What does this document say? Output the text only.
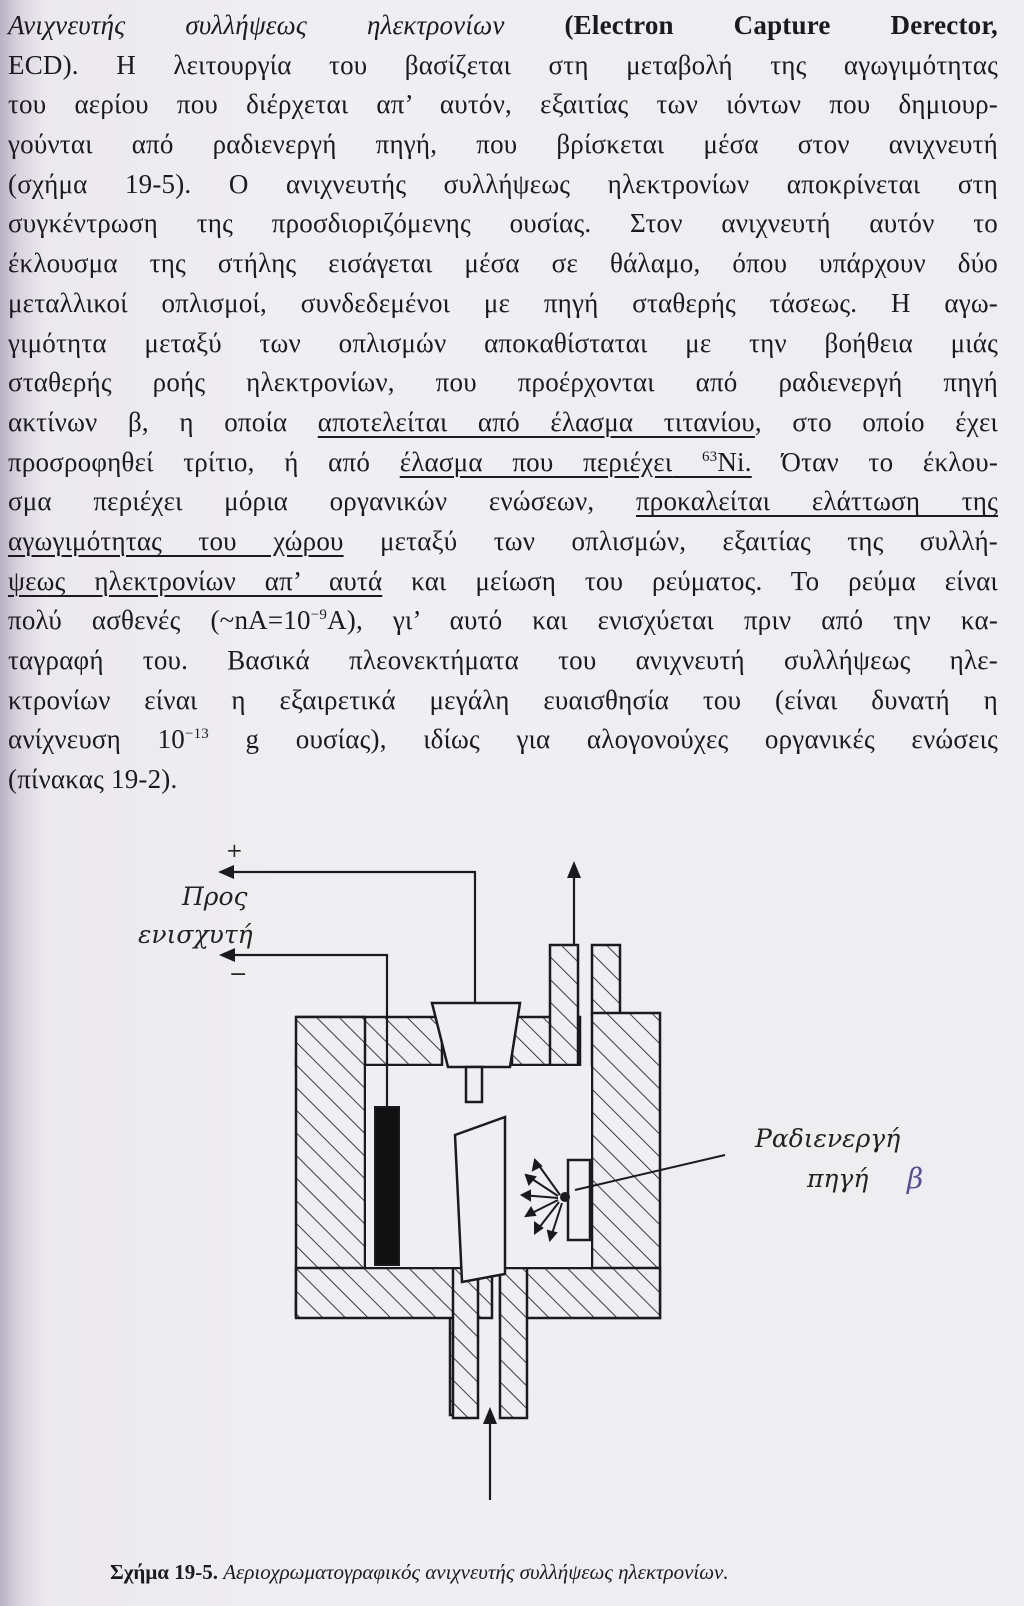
Ανιχνευτής συλλήψεως ηλεκτρονίων (Electron Capture Derector,
ECD). Η λειτουργία του βασίζεται στη μεταβολή της αγωγιμότητας
του αερίου που διέρχεται απ’ αυτόν, εξαιτίας των ιόντων που δημιουρ-
γούνται από ραδιενεργή πηγή, που βρίσκεται μέσα στον ανιχνευτή
(σχήμα 19-5). Ο ανιχνευτής συλλήψεως ηλεκτρονίων αποκρίνεται στη
συγκέντρωση της προσδιοριζόμενης ουσίας. Στον ανιχνευτή αυτόν το
έκλουσμα της στήλης εισάγεται μέσα σε θάλαμο, όπου υπάρχουν δύο
μεταλλικοί οπλισμοί, συνδεδεμένοι με πηγή σταθερής τάσεως. Η αγω-
γιμότητα μεταξύ των οπλισμών αποκαθίσταται με την βοήθεια μιάς
σταθερής ροής ηλεκτρονίων, που προέρχονται από ραδιενεργή πηγή
ακτίνων β, η οποία αποτελείται από έλασμα τιτανίου, στο οποίο έχει
προσροφηθεί τρίτιο, ή από έλασμα που περιέχει $^{63}$Ni. Όταν το έκλου-
σμα περιέχει μόρια οργανικών ενώσεων, προκαλείται ελάττωση της
αγωγιμότητας του χώρου μεταξύ των οπλισμών, εξαιτίας της συλλή-
ψεως ηλεκτρονίων απ’ αυτά και μείωση του ρεύματος. Το ρεύμα είναι
πολύ ασθενές $(\sim nA=10^{-9}A)$, γι’ αυτό και ενισχύεται πριν από την κα-
ταγραφή του. Βασικά πλεονεκτήματα του ανιχνευτή συλλήψεως ηλε-
κτρονίων είναι η εξαιρετικά μεγάλη ευαισθησία του (είναι δυνατή η
ανίχνευση $10^{-13}$ g ουσίας), ιδίως για αλογονούχες οργανικές ενώσεις
(πίνακας 19-2).
+
−
Προς
ενισχυτή
Ραδιενεργή
πηγή β
Σχήμα 19-5. Αεριοχρωματογραφικός ανιχνευτής συλλήψεως ηλεκτρονίων.
